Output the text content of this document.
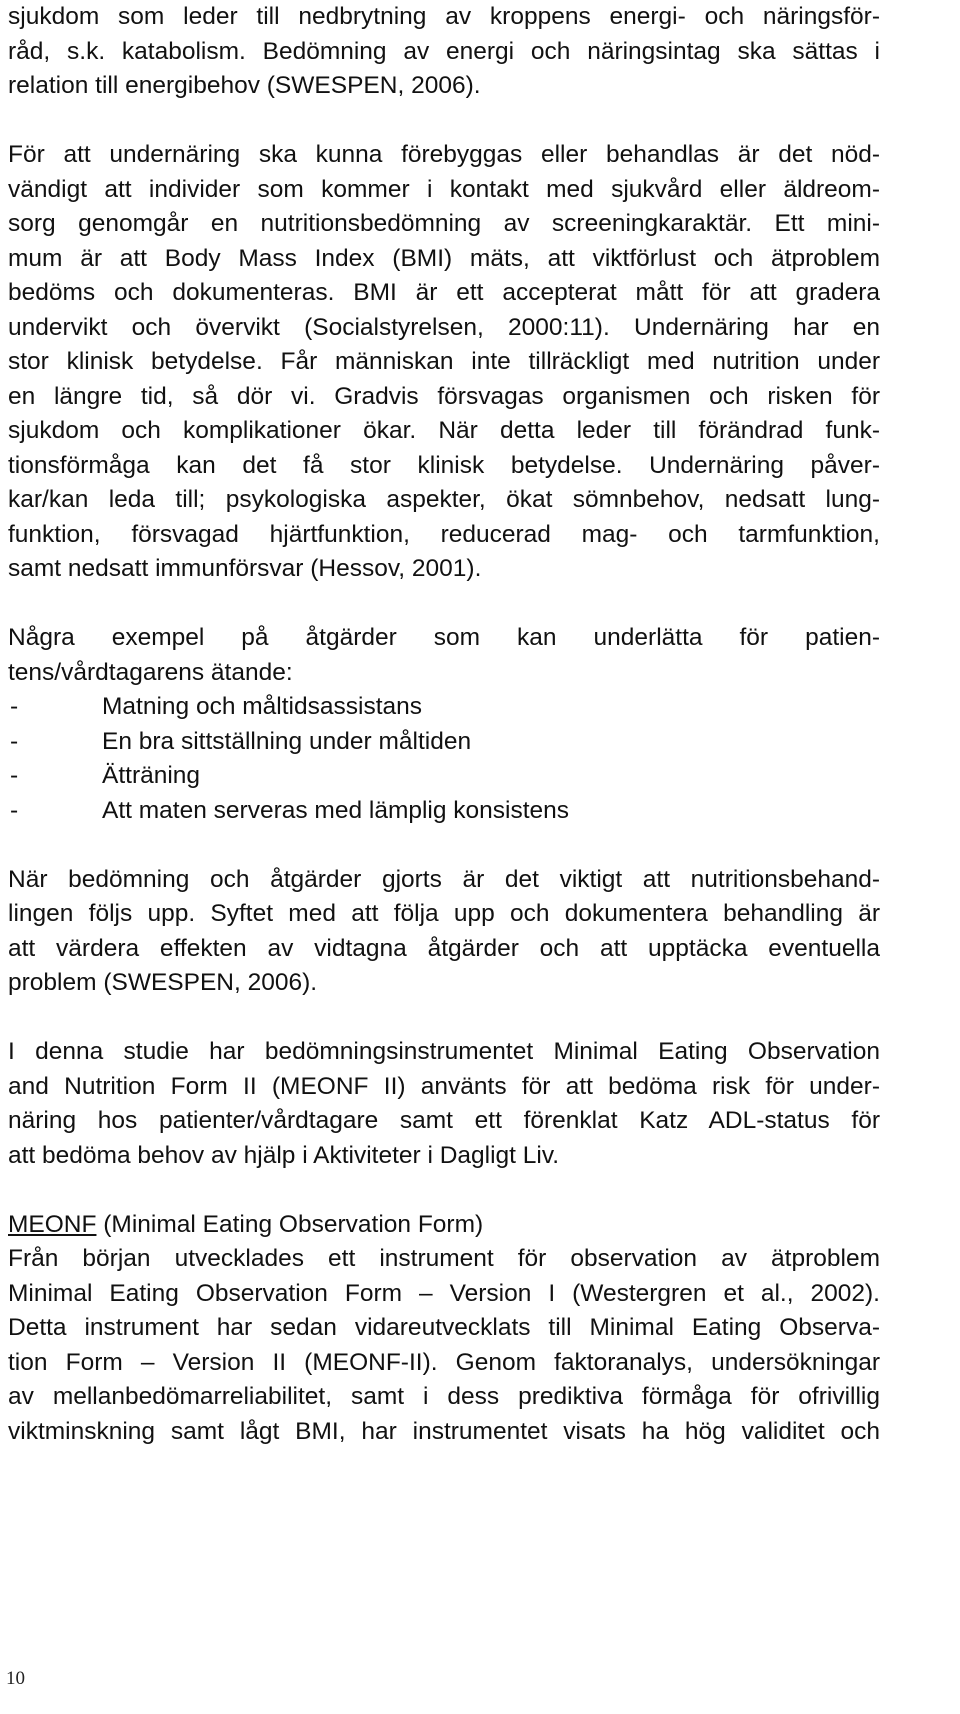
sjukdom som leder till nedbrytning av kroppens energi- och näringsför-
råd, s.k. katabolism. Bedömning av energi och näringsintag ska sättas i
relation till energibehov (SWESPEN, 2006).
För att undernäring ska kunna förebyggas eller behandlas är det nöd-
vändigt att individer som kommer i kontakt med sjukvård eller äldreom-
sorg genomgår en nutritionsbedömning av screeningkaraktär. Ett mini-
mum är att Body Mass Index (BMI) mäts, att viktförlust och ätproblem
bedöms och dokumenteras. BMI är ett accepterat mått för att gradera
undervikt och övervikt (Socialstyrelsen, 2000:11). Undernäring har en
stor klinisk betydelse. Får människan inte tillräckligt med nutrition under
en längre tid, så dör vi. Gradvis försvagas organismen och risken för
sjukdom och komplikationer ökar. När detta leder till förändrad funk-
tionsförmåga kan det få stor klinisk betydelse. Undernäring påver-
kar/kan leda till; psykologiska aspekter, ökat sömnbehov, nedsatt lung-
funktion, försvagad hjärtfunktion, reducerad mag- och tarmfunktion,
samt nedsatt immunförsvar (Hessov, 2001).
Några exempel på åtgärder som kan underlätta för patien-
tens/vårdtagarens ätande:
-	Matning och måltidsassistans
-	En bra sittställning under måltiden
-	Ätträning
-	Att maten serveras med lämplig konsistens
När bedömning och åtgärder gjorts är det viktigt att nutritionsbehand-
lingen följs upp. Syftet med att följa upp och dokumentera behandling är
att värdera effekten av vidtagna åtgärder och att upptäcka eventuella
problem (SWESPEN, 2006).
I denna studie har bedömningsinstrumentet Minimal Eating Observation
and Nutrition Form II (MEONF II) använts för att bedöma risk för under-
näring hos patienter/vårdtagare samt ett förenklat Katz ADL-status för
att bedöma behov av hjälp i Aktiviteter i Dagligt Liv.
MEONF (Minimal Eating Observation Form)
Från början utvecklades ett instrument för observation av ätproblem
Minimal Eating Observation Form – Version I (Westergren et al., 2002).
Detta instrument har sedan vidareutvecklats till Minimal Eating Observa-
tion Form – Version II (MEONF-II). Genom faktoranalys, undersökningar
av mellanbedömarreliabilitet, samt i dess prediktiva förmåga för ofrivillig
viktminskning samt lågt BMI, har instrumentet visats ha hög validitet och
10
